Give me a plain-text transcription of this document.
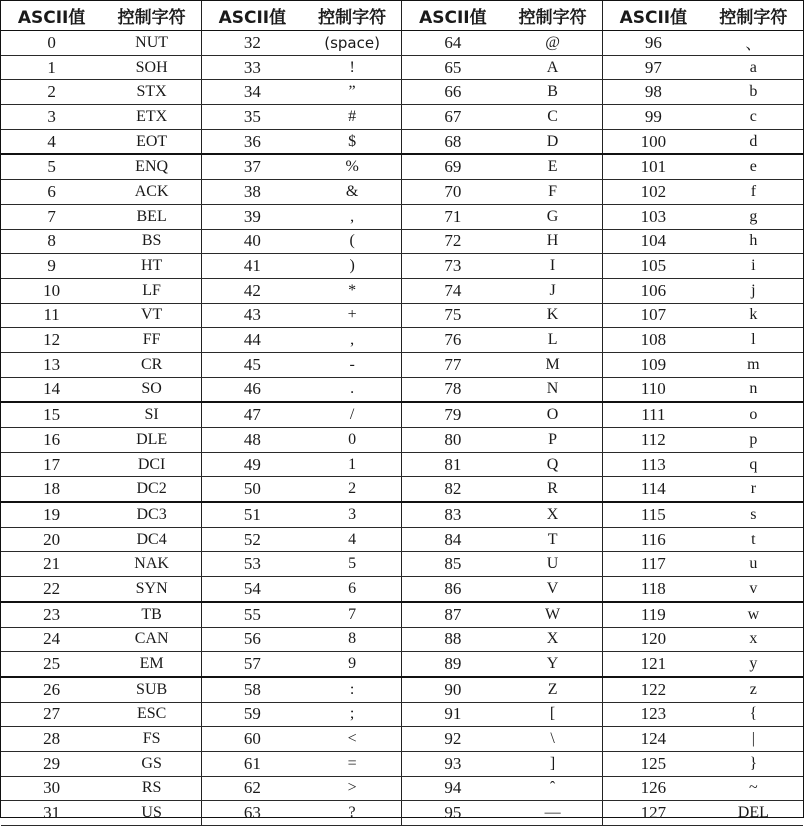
ASCII值	控制字符	ASCII值	控制字符	ASCII值	控制字符	ASCII值	控制字符
0	NUT	32	(space)	64	@	96	、
1	SOH	33	!	65	A	97	a
2	STX	34	”	66	B	98	b
3	ETX	35	#	67	C	99	c
4	EOT	36	$	68	D	100	d
5	ENQ	37	%	69	E	101	e
6	ACK	38	&	70	F	102	f
7	BEL	39	,	71	G	103	g
8	BS	40	(	72	H	104	h
9	HT	41	)	73	I	105	i
10	LF	42	*	74	J	106	j
11	VT	43	+	75	K	107	k
12	FF	44	,	76	L	108	l
13	CR	45	-	77	M	109	m
14	SO	46	.	78	N	110	n
15	SI	47	/	79	O	111	o
16	DLE	48	0	80	P	112	p
17	DCI	49	1	81	Q	113	q
18	DC2	50	2	82	R	114	r
19	DC3	51	3	83	X	115	s
20	DC4	52	4	84	T	116	t
21	NAK	53	5	85	U	117	u
22	SYN	54	6	86	V	118	v
23	TB	55	7	87	W	119	w
24	CAN	56	8	88	X	120	x
25	EM	57	9	89	Y	121	y
26	SUB	58	:	90	Z	122	z
27	ESC	59	;	91	[	123	{
28	FS	60	<	92	\	124	|
29	GS	61	=	93	]	125	}
30	RS	62	>	94	ˆ	126	~
31	US	63	?	95	—	127	DEL
